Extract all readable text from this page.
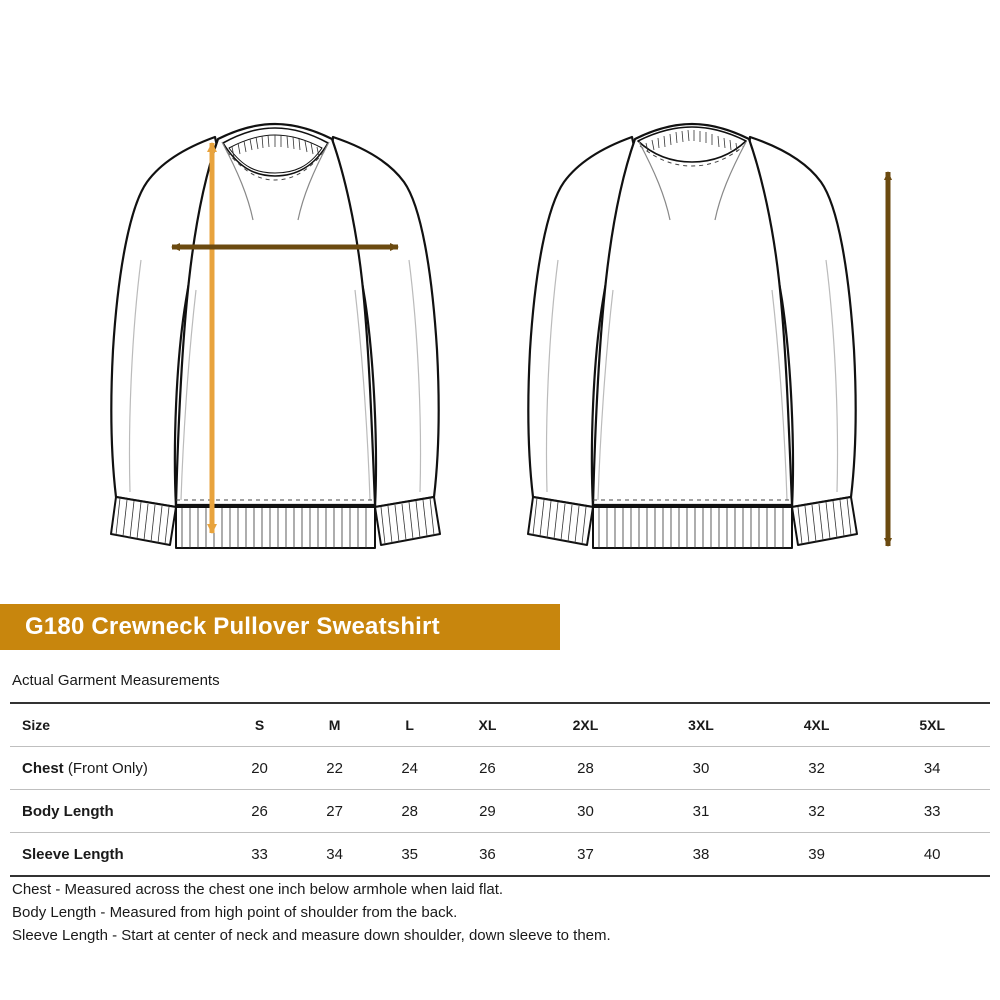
G180 Crewneck Pullover Sweatshirt
Actual Garment Measurements
Size	S	M	L	XL	2XL	3XL	4XL	5XL
Chest (Front Only)	20	22	24	26	28	30	32	34
Body Length	26	27	28	29	30	31	32	33
Sleeve Length	33	34	35	36	37	38	39	40
Chest - Measured across the chest one inch below armhole when laid flat.
Body Length - Measured from high point of shoulder from the back.
Sleeve Length - Start at center of neck and measure down shoulder, down sleeve to them.
